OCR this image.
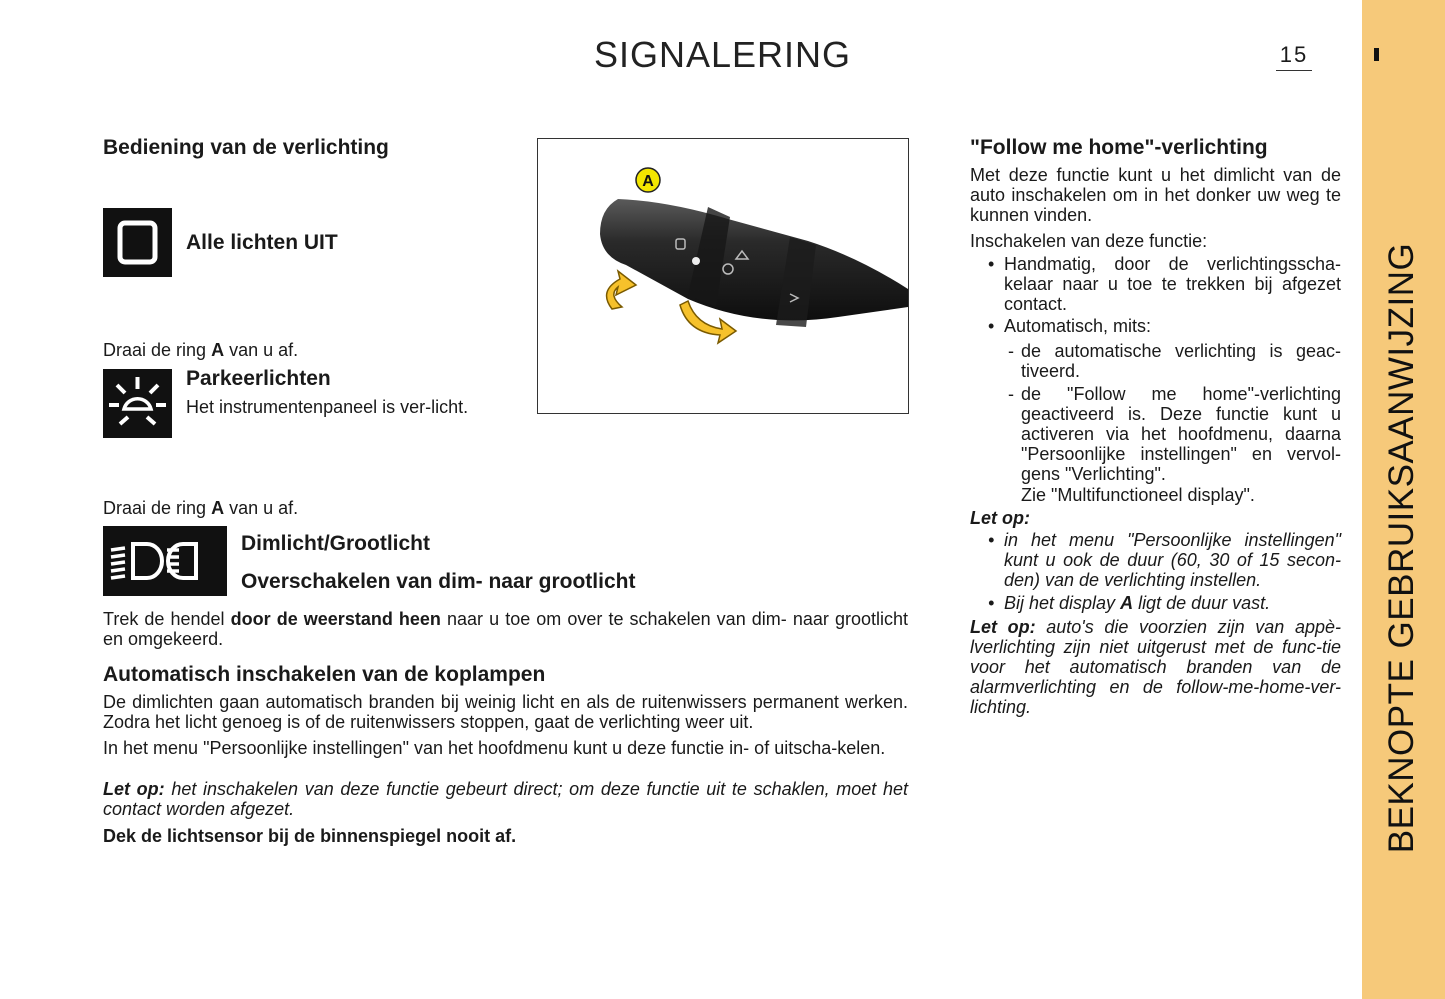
SIGNALERING	15
BEKNOPTE GEBRUIKSAANWIJZING
Bediening van de verlichting
Alle lichten UIT

Draai de ring A van u af.

Parkeerlichten

Het instrumentenpaneel is ver-licht.

Draai de ring A van u af.

Dimlicht/Grootlicht
Overschakelen van dim- naar grootlicht

Trek de hendel door de weerstand heen naar u toe om over te schakelen van dim- naar grootlicht en omgekeerd.

Automatisch inschakelen van de koplampen

De dimlichten gaan automatisch branden bij weinig licht en als de ruitenwissers permanent werken. Zodra het licht genoeg is of de ruitenwissers stoppen, gaat de verlichting weer uit.

In het menu "Persoonlijke instellingen" van het hoofdmenu kunt u deze functie in- of uitscha-kelen.

Let op: het inschakelen van deze functie gebeurt direct; om deze functie uit te schaklen, moet het contact worden afgezet.

Dek de lichtsensor bij de binnenspiegel nooit af.

A
"Follow me home"-verlichting

Met deze functie kunt u het dimlicht van de auto inschakelen om in het donker uw weg te kunnen vinden.

Inschakelen van deze functie:

• Handmatig, door de verlichtingsscha-kelaar naar u toe te trekken bij afgezet contact.
• Automatisch, mits:
- de automatische verlichting is geac-tiveerd.
- de "Follow me home"-verlichting geactiveerd is. Deze functie kunt u activeren via het hoofdmenu, daarna "Persoonlijke instellingen" en vervol-gens "Verlichting".

Zie "Multifunctioneel display".

Let op:

• in het menu "Persoonlijke instellingen" kunt u ook de duur (60, 30 of 15 secon-den) van de verlichting instellen.
• Bij het display A ligt de duur vast.

Let op: auto's die voorzien zijn van appè-lverlichting zijn niet uitgerust met de func-tie voor het automatisch branden van de alarmverlichting en de follow-me-home-ver-lichting.
